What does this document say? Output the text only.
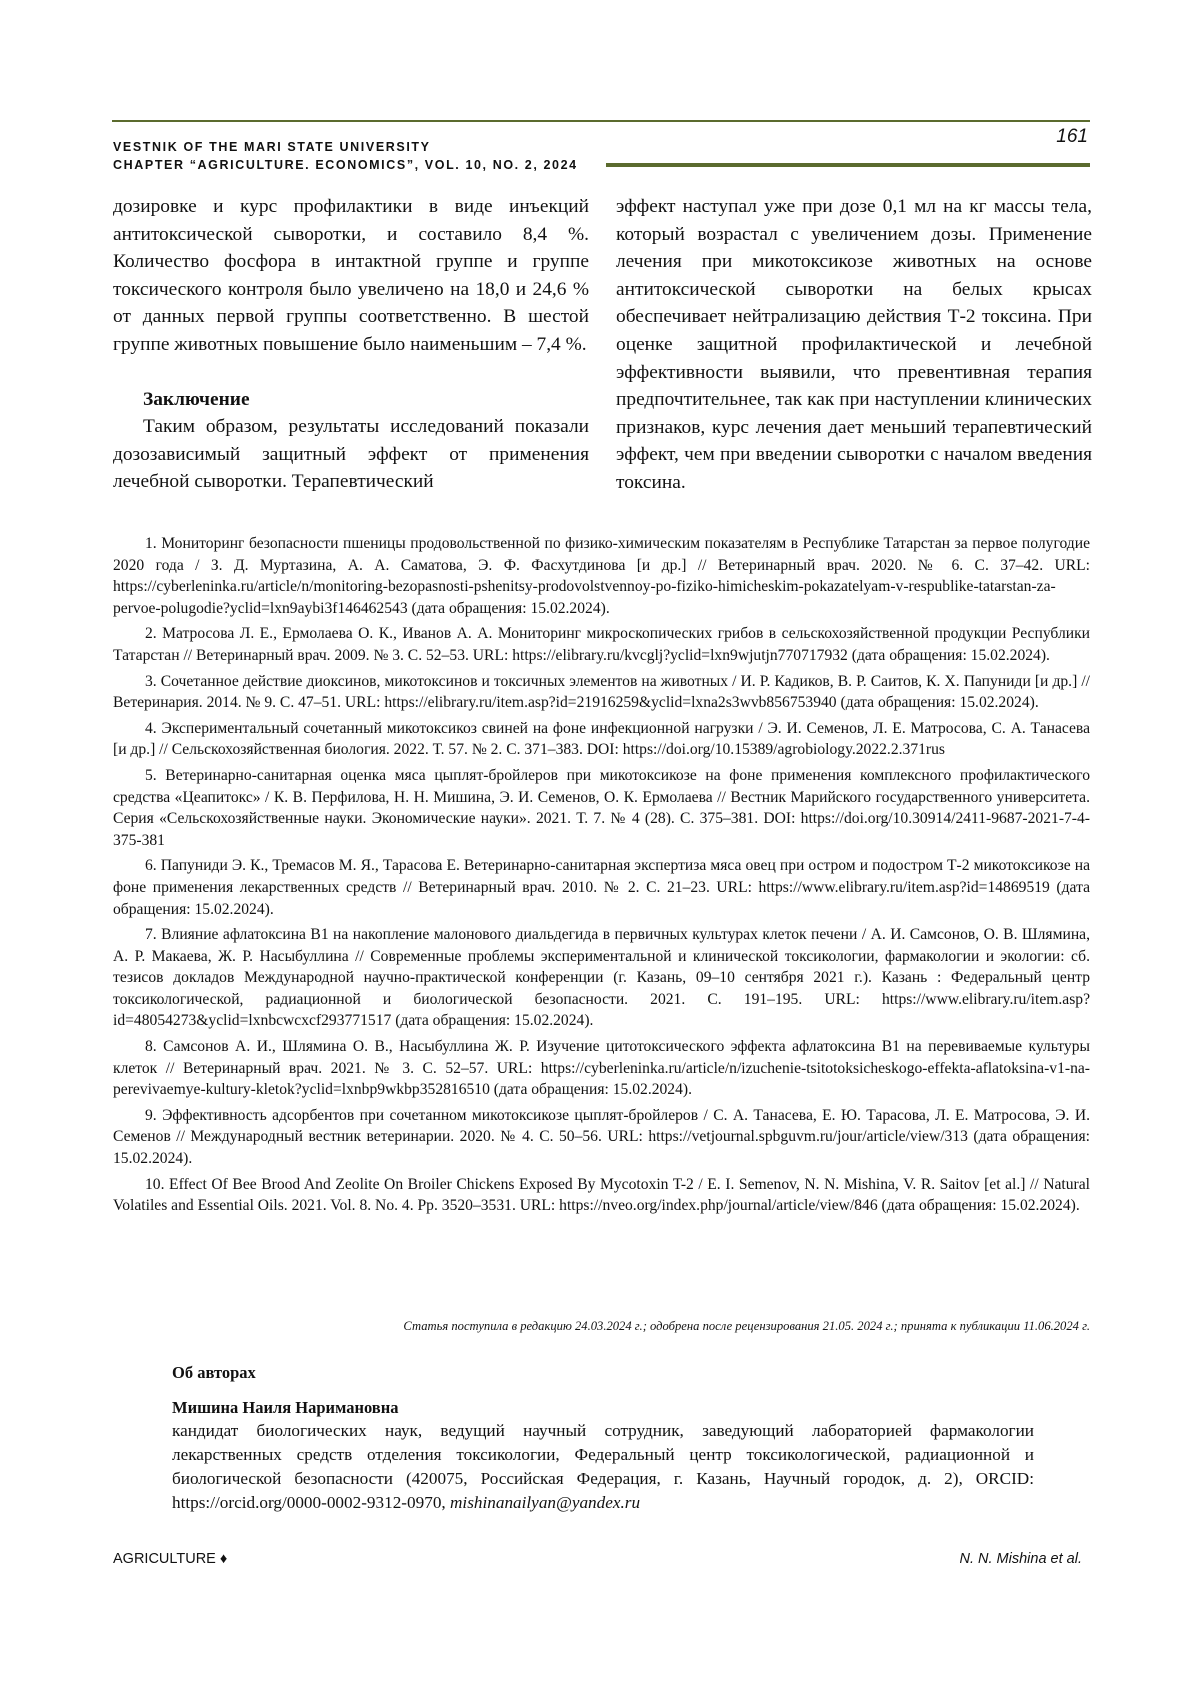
VESTNIK OF THE MARI STATE UNIVERSITY
CHAPTER “AGRICULTURE. ECONOMICS”, VOL. 10, NO. 2, 2024
161

дозировке и курс профилактики в виде инъекций антитоксической сыворотки, и составило 8,4 %. Количество фосфора в интактной группе и группе токсического контроля было увеличено на 18,0 и 24,6 % от данных первой группы соответственно. В шестой группе животных повышение было наименьшим – 7,4 %.

Заключение

Таким образом, результаты исследований показали дозозависимый защитный эффект от применения лечебной сыворотки. Терапевтический

эффект наступал уже при дозе 0,1 мл на кг массы тела, который возрастал с увеличением дозы. Применение лечения при микотоксикозе животных на основе антитоксической сыворотки на белых крысах обеспечивает нейтрализацию действия Т-2 токсина. При оценке защитной профилактической и лечебной эффективности выявили, что превентивная терапия предпочтительнее, так как при наступлении клинических признаков, курс лечения дает меньший терапевтический эффект, чем при введении сыворотки с началом введения токсина.

1. Мониторинг безопасности пшеницы продовольственной по физико-химическим показателям в Республике Татарстан за первое полугодие 2020 года / З. Д. Муртазина, А. А. Саматова, Э. Ф. Фасхутдинова [и др.] // Ветеринарный врач. 2020. № 6. С. 37–42. URL: https://cyberleninka.ru/article/n/monitoring-bezopasnosti-pshenitsy-prodovolstvennoy-po-fiziko-himicheskim-pokazatelyam-v-respublike-tatarstan-za-pervoe-polugodie?yclid=lxn9aybi3f146462543 (дата обращения: 15.02.2024).

2. Матросова Л. Е., Ермолаева О. К., Иванов А. А. Мониторинг микроскопических грибов в сельскохозяйственной продукции Республики Татарстан // Ветеринарный врач. 2009. № 3. С. 52–53. URL: https://elibrary.ru/kvcglj?yclid=lxn9wjutjn770717932 (дата обращения: 15.02.2024).

3. Сочетанное действие диоксинов, микотоксинов и токсичных элементов на животных / И. Р. Кадиков, В. Р. Саитов, К. Х. Папуниди [и др.] // Ветеринария. 2014. № 9. С. 47–51. URL: https://elibrary.ru/item.asp?id=21916259&yclid=lxna2s3wvb856753940 (дата обращения: 15.02.2024).

4. Экспериментальный сочетанный микотоксикоз свиней на фоне инфекционной нагрузки / Э. И. Семенов, Л. Е. Матросова, С. А. Танасева [и др.] // Сельскохозяйственная биология. 2022. Т. 57. № 2. С. 371–383. DOI: https://doi.org/10.15389/agrobiology.2022.2.371rus

5. Ветеринарно-санитарная оценка мяса цыплят-бройлеров при микотоксикозе на фоне применения комплексного профилактического средства «Цеапитокс» / К. В. Перфилова, Н. Н. Мишина, Э. И. Семенов, О. К. Ермолаева // Вестник Марийского государственного университета. Серия «Сельскохозяйственные науки. Экономические науки». 2021. Т. 7. № 4 (28). С. 375–381. DOI: https://doi.org/10.30914/2411-9687-2021-7-4-375-381

6. Папуниди Э. К., Тремасов М. Я., Тарасова Е. Ветеринарно-санитарная экспертиза мяса овец при остром и подостром Т-2 микотоксикозе на фоне применения лекарственных средств // Ветеринарный врач. 2010. № 2. С. 21–23. URL: https://www.elibrary.ru/item.asp?id=14869519 (дата обращения: 15.02.2024).

7. Влияние афлатоксина B1 на накопление малонового диальдегида в первичных культурах клеток печени / А. И. Самсонов, О. В. Шлямина, А. Р. Макаева, Ж. Р. Насыбуллина // Современные проблемы экспериментальной и клинической токсикологии, фармакологии и экологии: сб. тезисов докладов Международной научно-практической конференции (г. Казань, 09–10 сентября 2021 г.). Казань : Федеральный центр токсикологической, радиационной и биологической безопасности. 2021. С. 191–195. URL: https://www.elibrary.ru/item.asp?id=48054273&yclid=lxnbcwcxcf293771517 (дата обращения: 15.02.2024).

8. Самсонов А. И., Шлямина О. В., Насыбуллина Ж. Р. Изучение цитотоксического эффекта афлатоксина В1 на перевиваемые культуры клеток // Ветеринарный врач. 2021. № 3. С. 52–57. URL: https://cyberleninka.ru/article/n/izuchenie-tsitotoksicheskogo-effekta-aflatoksina-v1-na-perevivaemye-kultury-kletok?yclid=lxnbp9wkbp352816510 (дата обращения: 15.02.2024).

9. Эффективность адсорбентов при сочетанном микотоксикозе цыплят-бройлеров / С. А. Танасева, Е. Ю. Тарасова, Л. Е. Матросова, Э. И. Семенов // Международный вестник ветеринарии. 2020. № 4. С. 50–56. URL: https://vetjournal.spbguvm.ru/jour/article/view/313 (дата обращения: 15.02.2024).

10. Effect Of Bee Brood And Zeolite On Broiler Chickens Exposed By Mycotoxin T-2 / E. I. Semenov, N. N. Mishina, V. R. Saitov [et al.] // Natural Volatiles and Essential Oils. 2021. Vol. 8. No. 4. Pp. 3520–3531. URL: https://nveo.org/index.php/journal/article/view/846 (дата обращения: 15.02.2024).

Статья поступила в редакцию 24.03.2024 г.; одобрена после рецензирования 21.05. 2024 г.; принята к публикации 11.06.2024 г.
Об авторах
Мишина Наиля Наримановна
кандидат биологических наук, ведущий научный сотрудник, заведующий лабораторией фармакологии лекарственных средств отделения токсикологии, Федеральный центр токсикологической, радиационной и биологической безопасности (420075, Российская Федерация, г. Казань, Научный городок, д. 2), ORCID: https://orcid.org/0000-0002-9312-0970, mishinanailyan@yandex.ru
AGRICULTURE ♦	N. N. Mishina et al.
